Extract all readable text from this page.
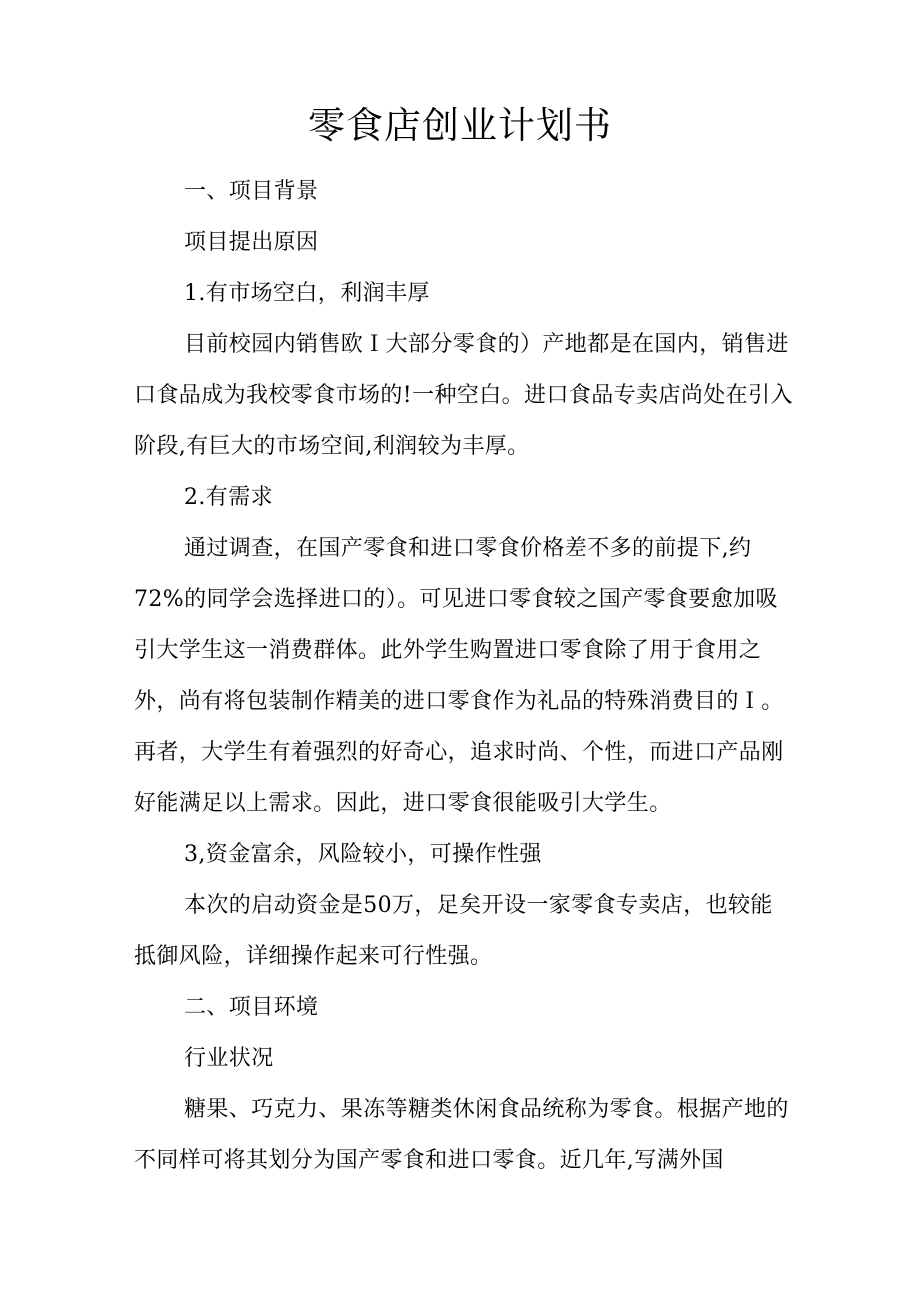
零食店创业计划书

一、项目背景

项目提出原因

1.有市场空白，利润丰厚

目前校园内销售欧Ｉ大部分零食的）产地都是在国内，销售进口食品成为我校零食市场的!一种空白。进口食品专卖店尚处在引入阶段,有巨大的市场空间,利润较为丰厚。

2.有需求

通过调查，在国产零食和进口零食价格差不多的前提下,约72%的同学会选择进口的）。可见进口零食较之国产零食要愈加吸引大学生这一消费群体。此外学生购置进口零食除了用于食用之外，尚有将包装制作精美的进口零食作为礼品的特殊消费目的Ｉ。再者，大学生有着强烈的好奇心，追求时尚、个性，而进口产品刚好能满足以上需求。因此，进口零食很能吸引大学生。

3,资金富余，风险较小，可操作性强

本次的启动资金是50万，足矣开设一家零食专卖店，也较能抵御风险，详细操作起来可行性强。

二、项目环境

行业状况

糖果、巧克力、果冻等糖类休闲食品统称为零食。根据产地的不同样可将其划分为国产零食和进口零食。近几年,写满外国
